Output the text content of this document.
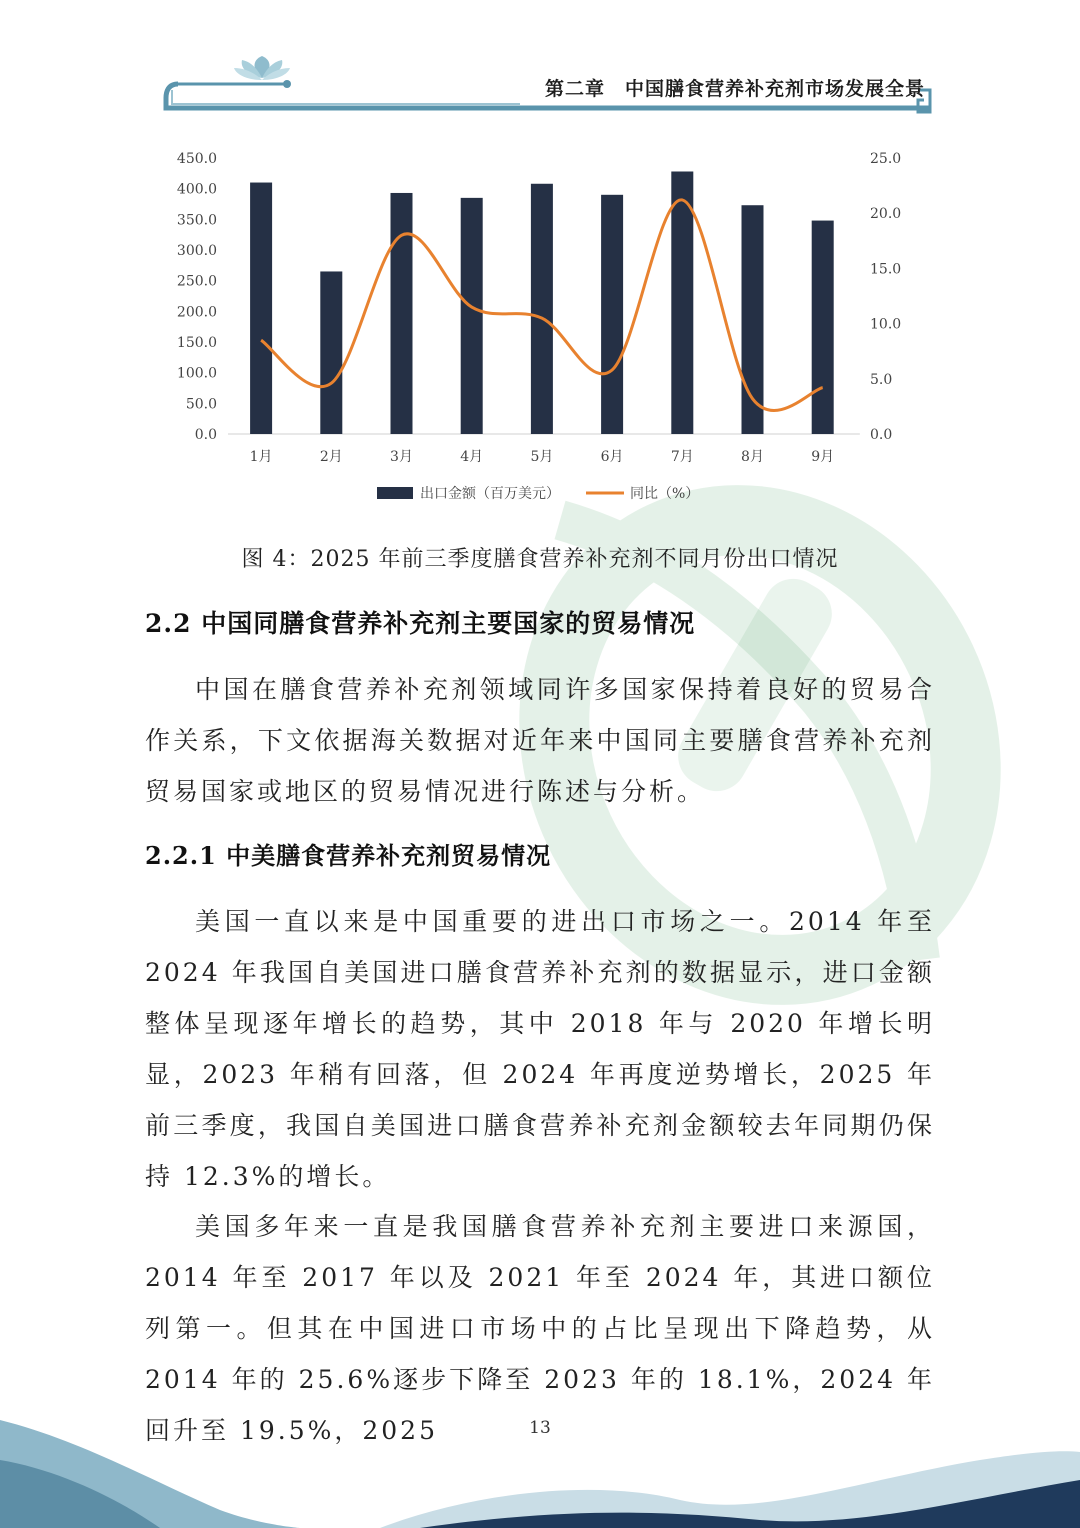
第二章　中国膳食营养补充剂市场发展全景
0.0
50.0
100.0
150.0
200.0
250.0
300.0
350.0
400.0
450.0
0.0
5.0
10.0
15.0
20.0
25.0
1月	2月	3月	4月	5月	6月	7月	8月	9月
出口金额（百万美元）	同比（%）
图 4：2025 年前三季度膳食营养补充剂不同月份出口情况
2.2 中国同膳食营养补充剂主要国家的贸易情况

中国在膳食营养补充剂领域同许多国家保持着良好的贸易合作关系，下文依据海关数据对近年来中国同主要膳食营养补充剂贸易国家或地区的贸易情况进行陈述与分析。

2.2.1 中美膳食营养补充剂贸易情况

美国一直以来是中国重要的进出口市场之一。2014 年至 2024 年我国自美国进口膳食营养补充剂的数据显示，进口金额整体呈现逐年增长的趋势，其中 2018 年与 2020 年增长明显，2023 年稍有回落，但 2024 年再度逆势增长，2025 年前三季度，我国自美国进口膳食营养补充剂金额较去年同期仍保持 12.3%的增长。

美国多年来一直是我国膳食营养补充剂主要进口来源国，2014 年至 2017 年以及 2021 年至 2024 年，其进口额位列第一。但其在中国进口市场中的占比呈现出下降趋势，从 2014 年的 25.6%逐步下降至 2023 年的 18.1%，2024 年回升至 19.5%，2025	13
